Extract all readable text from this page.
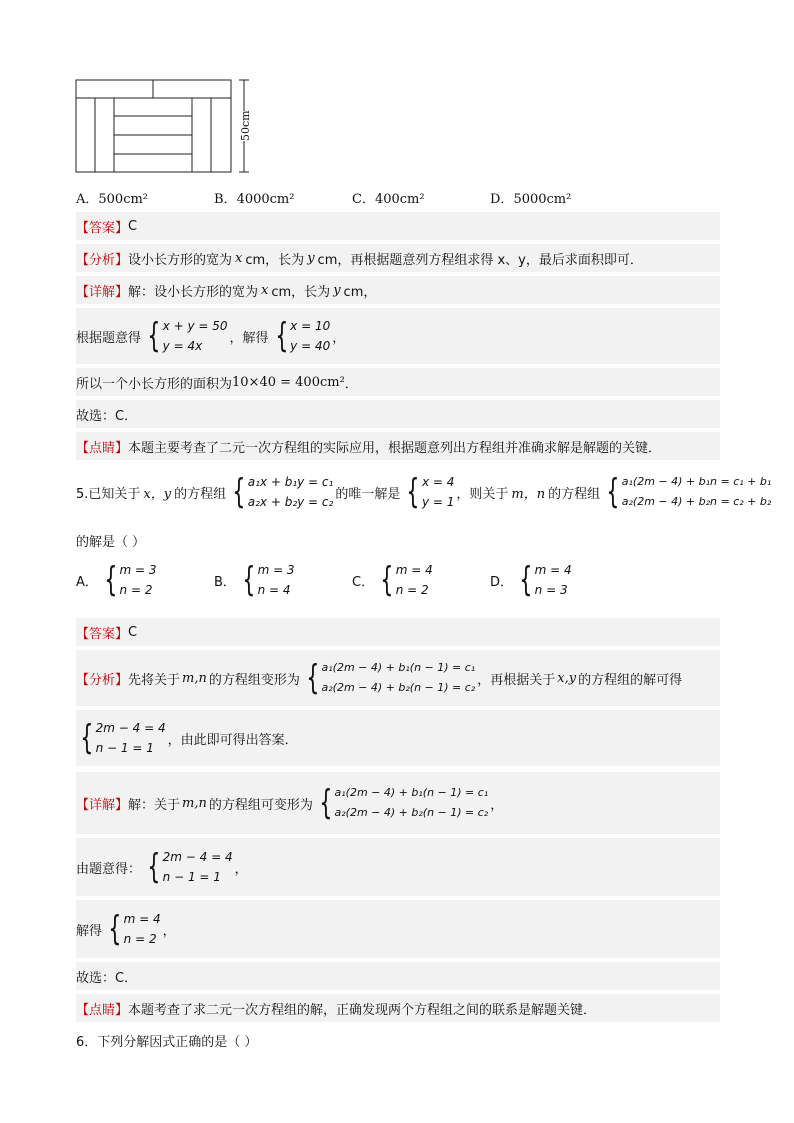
50cm
A．500cm²	B．4000cm²	C．400cm²	D．5000cm²
【答案】 C
【分析】 设小长方形的宽为 x cm，长为 y cm，再根据题意列方程组求得 x、y，最后求面积即可．
【详解】 解：设小长方形的宽为 x cm，长为 y cm，
根据题意得 { x + y = 50
y = 4x
，解得 { x = 10
y = 40
，
所以一个小长方形的面积为 10×40 = 400cm² ．
故选：C．
【点睛】 本题主要考查了二元一次方程组的实际应用，根据题意列出方程组并准确求解是解题的关键．
5.已知关于 x，y 的方程组 { a₁x + b₁y = c₁
a₂x + b₂y = c₂
的唯一解是 { x = 4
y = 1
，则关于 m，n 的方程组 { a₁(2m − 4) + b₁n = c₁ + b₁
a₂(2m − 4) + b₂n = c₂ + b₂
的解是（ ）
A． { m = 3
n = 2
B． { m = 3
n = 4
C． { m = 4
n = 2
D． { m = 4
n = 3
【答案】 C
【分析】 先将关于 m,n 的方程组变形为 { a₁(2m − 4) + b₁(n − 1) = c₁
a₂(2m − 4) + b₂(n − 1) = c₂ ，再根据关于 x,y 的方程组的解可得
{ 2m − 4 = 4
n − 1 = 1
，由此即可得出答案．
【详解】 解：关于 m,n 的方程组可变形为 { a₁(2m − 4) + b₁(n − 1) = c₁
a₂(2m − 4) + b₂(n − 1) = c₂ ，
由题意得： { 2m − 4 = 4
n − 1 = 1
，
解得 { m = 4
n = 2
，
故选：C．
【点睛】 本题考查了求二元一次方程组的解，正确发现两个方程组之间的联系是解题关键．
6．下列分解因式正确的是（ ）
